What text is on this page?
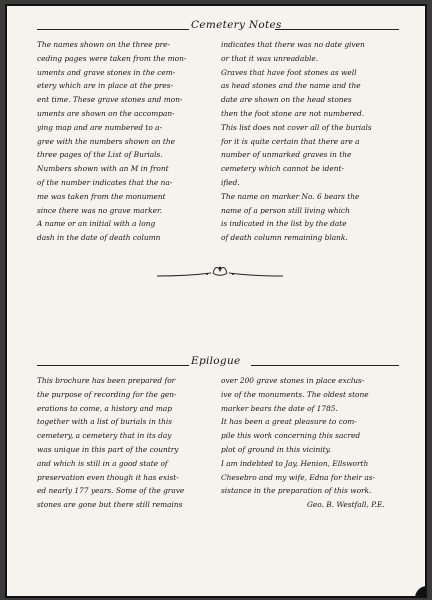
Cemetery Notes
The names shown on the three pre-
ceding pages were taken from the mon-
uments and grave stones in the cem-
etery which are in place at the pres-
ent time. These grave stones and mon-
uments are shown on the accompan-
ying map and are numbered to a-
gree with the numbers shown on the
three pages of the List of Burials.
Numbers shown with an M in front
of the number indicates that the na-
me was taken from the monument
since there was no grave marker.
A name or an initial with a long
dash in the date of death column
indicates that there was no date given
or that it was unreadable.
Graves that have foot stones as well
as head stones and the name and the
date are shown on the head stones
then the foot stone are not numbered.
This list does not cover all of the burials
for it is quite certain that there are a
number of unmarked graves in the
cemetery which cannot be ident-
ified.
The name on marker No. 6 bears the
name of a person still living which
is indicated in the list by the date
of death column remaining blank.
Epilogue
This brochure has been prepared for
the purpose of recording for the gen-
erations to come, a history and map
together with a list of burials in this
cemetery, a cemetery that in its day
was unique in this part of the country
and which is still in a good state of
preservation even though it has exist-
ed nearly 177 years. Some of the grave
stones are gone but there still remains
over 200 grave stones in place exclus-
ive of the monuments. The oldest stone
marker bears the date of 1785.
It has been a great pleasure to com-
pile this work concerning this sacred
plot of ground in this vicinity.
I am indebted to Jay, Henion, Ellsworth
Chesebro and my wife, Edna for their as-
sistance in the preparation of this work.
Geo. B. Westfall, P.E.
